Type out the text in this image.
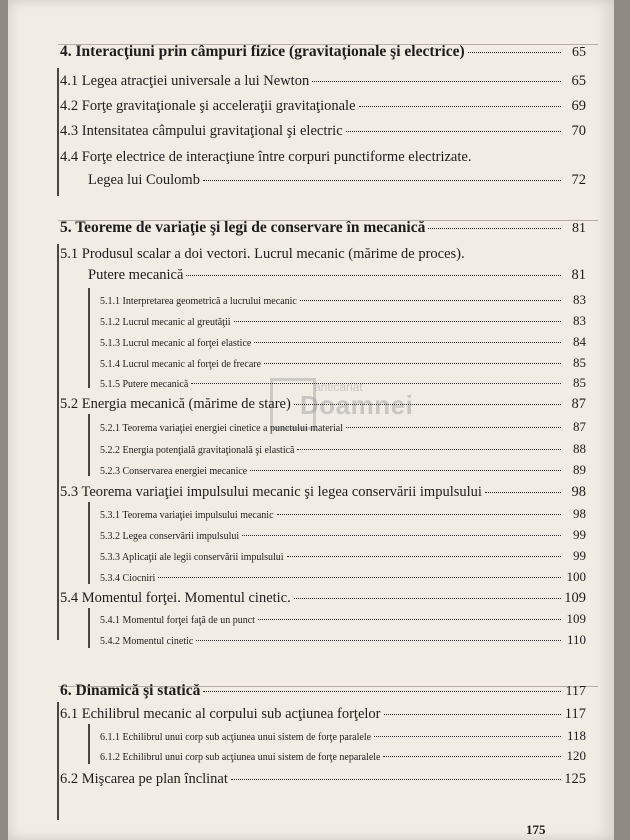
anticariat
Doamnei
4. Interacţiuni prin câmpuri fizice (gravitaţionale şi electrice)	65
4.1 Legea atracţiei universale a lui Newton	65
4.2 Forţe gravitaţionale şi acceleraţii gravitaţionale	69
4.3 Intensitatea câmpului gravitaţional şi electric	70
4.4 Forţe electrice de interacţiune între corpuri punctiforme electrizate.
Legea lui Coulomb	72
5. Teoreme de variaţie şi legi de conservare în mecanică	81
5.1 Produsul scalar a doi vectori. Lucrul mecanic (mărime de proces).
Putere mecanică	81
5.1.1 Interpretarea geometrică a lucrului mecanic	83
5.1.2 Lucrul mecanic al greutăţii	83
5.1.3 Lucrul mecanic al forţei elastice	84
5.1.4 Lucrul mecanic al forţei de frecare	85
5.1.5 Putere mecanică	85
5.2 Energia mecanică (mărime de stare)	87
5.2.1 Teorema variaţiei energiei cinetice a punctului material	87
5.2.2 Energia potenţială gravitaţională şi elastică	88
5.2.3 Conservarea energiei mecanice	89
5.3 Teorema variaţiei impulsului mecanic şi legea conservării impulsului	98
5.3.1 Teorema variaţiei impulsului mecanic	98
5.3.2 Legea conservării impulsului	99
5.3.3 Aplicaţii ale legii conservării impulsului	99
5.3.4 Ciocniri	100
5.4 Momentul forţei. Momentul cinetic.	109
5.4.1 Momentul forţei faţă de un punct	109
5.4.2 Momentul cinetic	110
6. Dinamică şi statică	117
6.1 Echilibrul mecanic al corpului sub acţiunea forţelor	117
6.1.1 Echilibrul unui corp sub acţiunea unui sistem de forţe paralele	118
6.1.2 Echilibrul unui corp sub acţiunea unui sistem de forţe neparalele	120
6.2 Mişcarea pe plan înclinat	125
175
